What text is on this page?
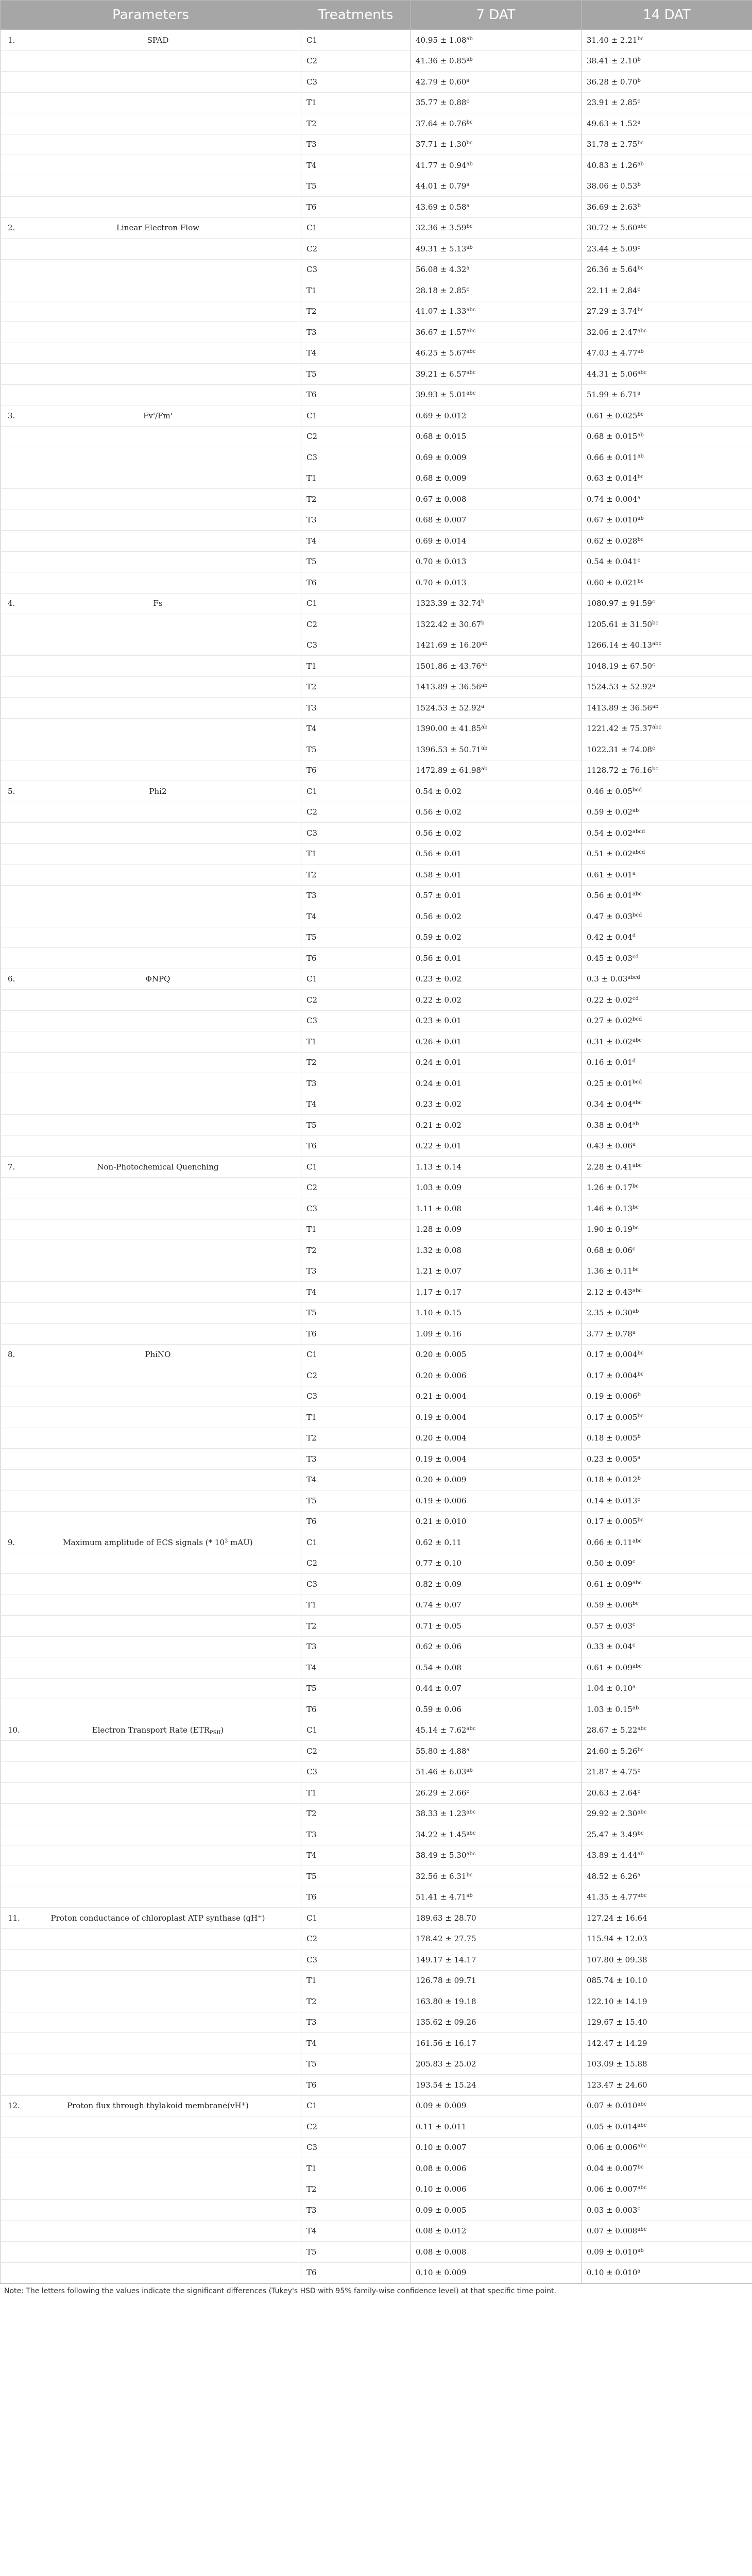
Parameters	Treatments	7 DAT	14 DAT

1. SPAD	C1	40.95 ± 1.08$^{ab}$	31.40 ± 2.21$^{bc}$
	C2	41.36 ± 0.85$^{ab}$	38.41 ± 2.10$^b$
	C3	42.79 ± 0.60$^a$	36.28 ± 0.70$^b$
	T1	35.77 ± 0.88$^c$	23.91 ± 2.85$^c$
	T2	37.64 ± 0.76$^{bc}$	49.63 ± 1.52$^a$
	T3	37.71 ± 1.30$^{bc}$	31.78 ± 2.75$^{bc}$
	T4	41.77 ± 0.94$^{ab}$	40.83 ± 1.26$^{ab}$
	T5	44.01 ± 0.79$^a$	38.06 ± 0.53$^b$
	T6	43.69 ± 0.58$^a$	36.69 ± 2.63$^b$

2. Linear Electron Flow	C1	32.36 ± 3.59$^{bc}$	30.72 ± 5.60$^{abc}$
	C2	49.31 ± 5.13$^{ab}$	23.44 ± 5.09$^c$
	C3	56.08 ± 4.32$^a$	26.36 ± 5.64$^{bc}$
	T1	28.18 ± 2.85$^c$	22.11 ± 2.84$^c$
	T2	41.07 ± 1.33$^{abc}$	27.29 ± 3.74$^{bc}$
	T3	36.67 ± 1.57$^{abc}$	32.06 ± 2.47$^{abc}$
	T4	46.25 ± 5.67$^{abc}$	47.03 ± 4.77$^{ab}$
	T5	39.21 ± 6.57$^{abc}$	44.31 ± 5.06$^{abc}$
	T6	39.93 ± 5.01$^{abc}$	51.99 ± 6.71$^a$

3. Fv'/Fm'	C1	0.69 ± 0.012	0.61 ± 0.025$^{bc}$
	C2	0.68 ± 0.015	0.68 ± 0.015$^{ab}$
	C3	0.69 ± 0.009	0.66 ± 0.011$^{ab}$
	T1	0.68 ± 0.009	0.63 ± 0.014$^{bc}$
	T2	0.67 ± 0.008	0.74 ± 0.004$^a$
	T3	0.68 ± 0.007	0.67 ± 0.010$^{ab}$
	T4	0.69 ± 0.014	0.62 ± 0.028$^{bc}$
	T5	0.70 ± 0.013	0.54 ± 0.041$^c$
	T6	0.70 ± 0.013	0.60 ± 0.021$^{bc}$

4. Fs	C1	1323.39 ± 32.74$^b$	1080.97 ± 91.59$^c$
	C2	1322.42 ± 30.67$^b$	1205.61 ± 31.50$^{bc}$
	C3	1421.69 ± 16.20$^{ab}$	1266.14 ± 40.13$^{abc}$
	T1	1501.86 ± 43.76$^{ab}$	1048.19 ± 67.50$^c$
	T2	1413.89 ± 36.56$^{ab}$	1524.53 ± 52.92$^a$
	T3	1524.53 ± 52.92$^a$	1413.89 ± 36.56$^{ab}$
	T4	1390.00 ± 41.85$^{ab}$	1221.42 ± 75.37$^{abc}$
	T5	1396.53 ± 50.71$^{ab}$	1022.31 ± 74.08$^c$
	T6	1472.89 ± 61.98$^{ab}$	1128.72 ± 76.16$^{bc}$

5. Phi2	C1	0.54 ± 0.02	0.46 ± 0.05$^{bcd}$
	C2	0.56 ± 0.02	0.59 ± 0.02$^{ab}$
	C3	0.56 ± 0.02	$0.54 \pm 0.02^{abcd}$
	T1	0.56 ± 0.01	$0.51 \pm 0.02^{abcd}$
	T2	0.58 ± 0.01	0.61 ± 0.01$^a$
	T3	0.57 ± 0.01	0.56 ± 0.01$^{abc}$
	T4	0.56 ± 0.02	0.47 ± 0.03$^{bcd}$
	T5	0.59 ± 0.02	0.42 ± 0.04$^d$
	T6	0.56 ± 0.01	0.45 ± 0.03$^{cd}$

6. ΦNPQ	C1	0.23 ± 0.02	$0.3 \pm 0.03^{abcd}$
	C2	0.22 ± 0.02	0.22 ± 0.02$^{cd}$
	C3	0.23 ± 0.01	0.27 ± 0.02$^{bcd}$
	T1	0.26 ± 0.01	0.31 ± 0.02$^{abc}$
	T2	0.24 ± 0.01	0.16 ± 0.01$^d$
	T3	0.24 ± 0.01	0.25 ± 0.01$^{bcd}$
	T4	0.23 ± 0.02	0.34 ± 0.04$^{abc}$
	T5	0.21 ± 0.02	0.38 ± 0.04$^{ab}$
	T6	0.22 ± 0.01	0.43 ± 0.06$^a$

7. Non-Photochemical Quenching	C1	1.13 ± 0.14	2.28 ± 0.41$^{abc}$
	C2	1.03 ± 0.09	1.26 ± 0.17$^{bc}$
	C3	1.11 ± 0.08	1.46 ± 0.13$^{bc}$
	T1	1.28 ± 0.09	1.90 ± 0.19$^{bc}$
	T2	1.32 ± 0.08	0.68 ± 0.06$^c$
	T3	1.21 ± 0.07	1.36 ± 0.11$^{bc}$
	T4	1.17 ± 0.17	2.12 ± 0.43$^{abc}$
	T5	1.10 ± 0.15	2.35 ± 0.30$^{ab}$
	T6	1.09 ± 0.16	3.77 ± 0.78$^a$

8. PhiNO	C1	0.20 ± 0.005	0.17 ± 0.004$^{bc}$
	C2	0.20 ± 0.006	0.17 ± 0.004$^{bc}$
	C3	0.21 ± 0.004	0.19 ± 0.006$^b$
	T1	0.19 ± 0.004	0.17 ± 0.005$^{bc}$
	T2	0.20 ± 0.004	0.18 ± 0.005$^b$
	T3	0.19 ± 0.004	0.23 ± 0.005$^a$
	T4	0.20 ± 0.009	0.18 ± 0.012$^b$
	T5	0.19 ± 0.006	0.14 ± 0.013$^c$
	T6	0.21 ± 0.010	0.17 ± 0.005$^{bc}$

9. Maximum amplitude of ECS signals (* $10^3$ mAU)	C1	0.62 ± 0.11	0.66 ± 0.11$^{abc}$
	C2	0.77 ± 0.10	0.50 ± 0.09$^c$
	C3	0.82 ± 0.09	0.61 ± 0.09$^{abc}$
	T1	0.74 ± 0.07	0.59 ± 0.06$^{bc}$
	T2	0.71 ± 0.05	0.57 ± 0.03$^c$
	T3	0.62 ± 0.06	0.33 ± 0.04$^c$
	T4	0.54 ± 0.08	0.61 ± 0.09$^{abc}$
	T5	0.44 ± 0.07	1.04 ± 0.10$^a$
	T6	0.59 ± 0.06	1.03 ± 0.15$^{ab}$

10. Electron Transport Rate $(ETR_{PSII})$	C1	45.14 ± 7.62$^{abc}$	28.67 ± 5.22$^{abc}$
	C2	55.80 ± 4.88$^a$	24.60 ± 5.26$^{bc}$
	C3	51.46 ± 6.03$^{ab}$	21.87 ± 4.75$^c$
	T1	26.29 ± 2.66$^c$	20.63 ± 2.64$^c$
	T2	38.33 ± 1.23$^{abc}$	29.92 ± 2.30$^{abc}$
	T3	34.22 ± 1.45$^{abc}$	25.47 ± 3.49$^{bc}$
	T4	38.49 ± 5.30$^{abc}$	43.89 ± 4.44$^{ab}$
	T5	32.56 ± 6.31$^{bc}$	48.52 ± 6.26$^a$
	T6	51.41 ± 4.71$^{ab}$	41.35 ± 4.77$^{abc}$

11. Proton conductance of chloroplast ATP synthase (gH+)	C1	189.63 ± 28.70	127.24 ± 16.64
	C2	178.42 ± 27.75	115.94 ± 12.03
	C3	149.17 ± 14.17	107.80 ± 09.38
	T1	126.78 ± 09.71	085.74 ± 10.10
	T2	163.80 ± 19.18	122.10 ± 14.19
	T3	135.62 ± 09.26	129.67 ± 15.40
	T4	161.56 ± 16.17	142.47 ± 14.29
	T5	205.83 ± 25.02	103.09 ± 15.88
	T6	193.54 ± 15.24	123.47 ± 24.60

12. Proton flux through thylakoid membrane(vH+)	C1	0.09 ± 0.009	0.07 ± 0.010$^{abc}$
	C2	0.11 ± 0.011	0.05 ± 0.014$^{abc}$
	C3	0.10 ± 0.007	0.06 ± 0.006$^{abc}$
	T1	0.08 ± 0.006	0.04 ± 0.007$^{bc}$
	T2	0.10 ± 0.006	0.06 ± 0.007$^{abc}$
	T3	0.09 ± 0.005	0.03 ± 0.003$^c$
	T4	0.08 ± 0.012	0.07 ± 0.008$^{abc}$
	T5	0.08 ± 0.008	0.09 ± 0.010$^{ab}$
	T6	0.10 ± 0.009	0.10 ± 0.010$^a$
Note: The letters following the values indicate the significant differences (Tukey's HSD with 95% family-wise confidence level) at that specific time point.
